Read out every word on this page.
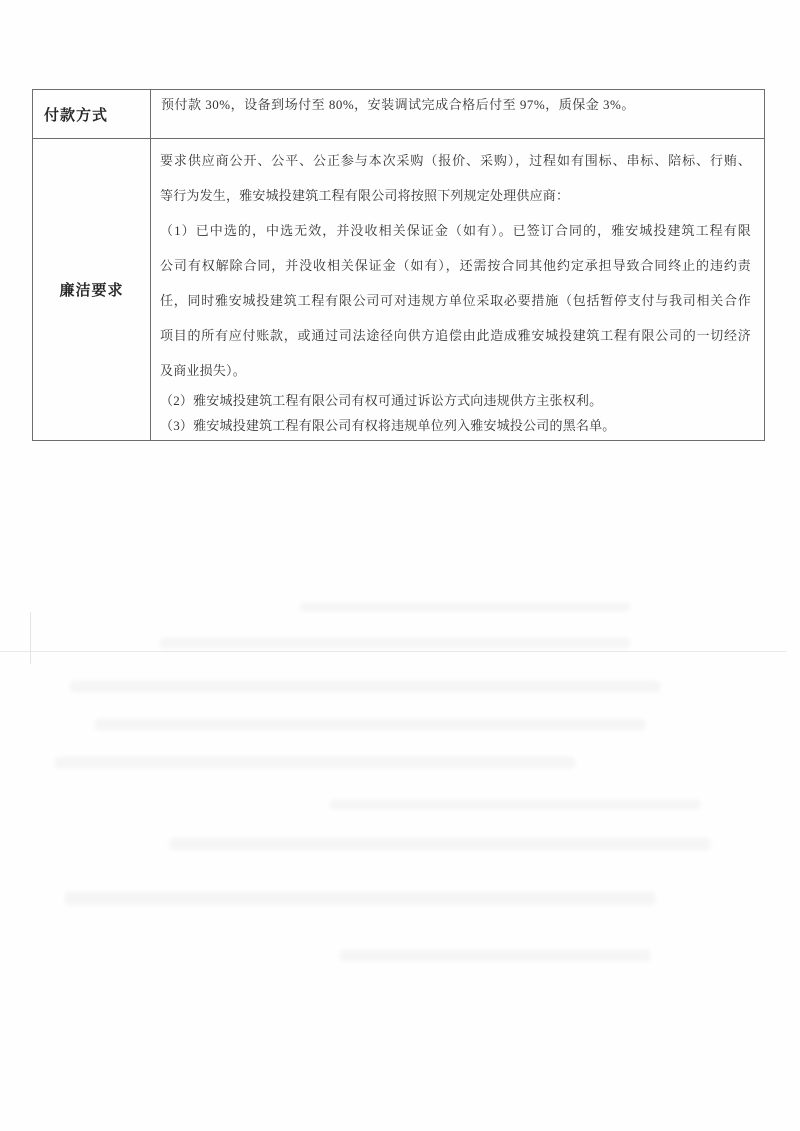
付款方式
预付款 30%，设备到场付至 80%，安装调试完成合格后付至 97%，质保金 3%。
廉洁要求
要求供应商公开、公平、公正参与本次采购（报价、采购），过程如有围标、串标、陪标、行贿、
等行为发生，雅安城投建筑工程有限公司将按照下列规定处理供应商：
（1）已中选的，中选无效，并没收相关保证金（如有）。已签订合同的，雅安城投建筑工程有限
公司有权解除合同，并没收相关保证金（如有），还需按合同其他约定承担导致合同终止的违约责
任，同时雅安城投建筑工程有限公司可对违规方单位采取必要措施（包括暂停支付与我司相关合作
项目的所有应付账款，或通过司法途径向供方追偿由此造成雅安城投建筑工程有限公司的一切经济
及商业损失）。
（2）雅安城投建筑工程有限公司有权可通过诉讼方式向违规供方主张权利。
（3）雅安城投建筑工程有限公司有权将违规单位列入雅安城投公司的黑名单。
